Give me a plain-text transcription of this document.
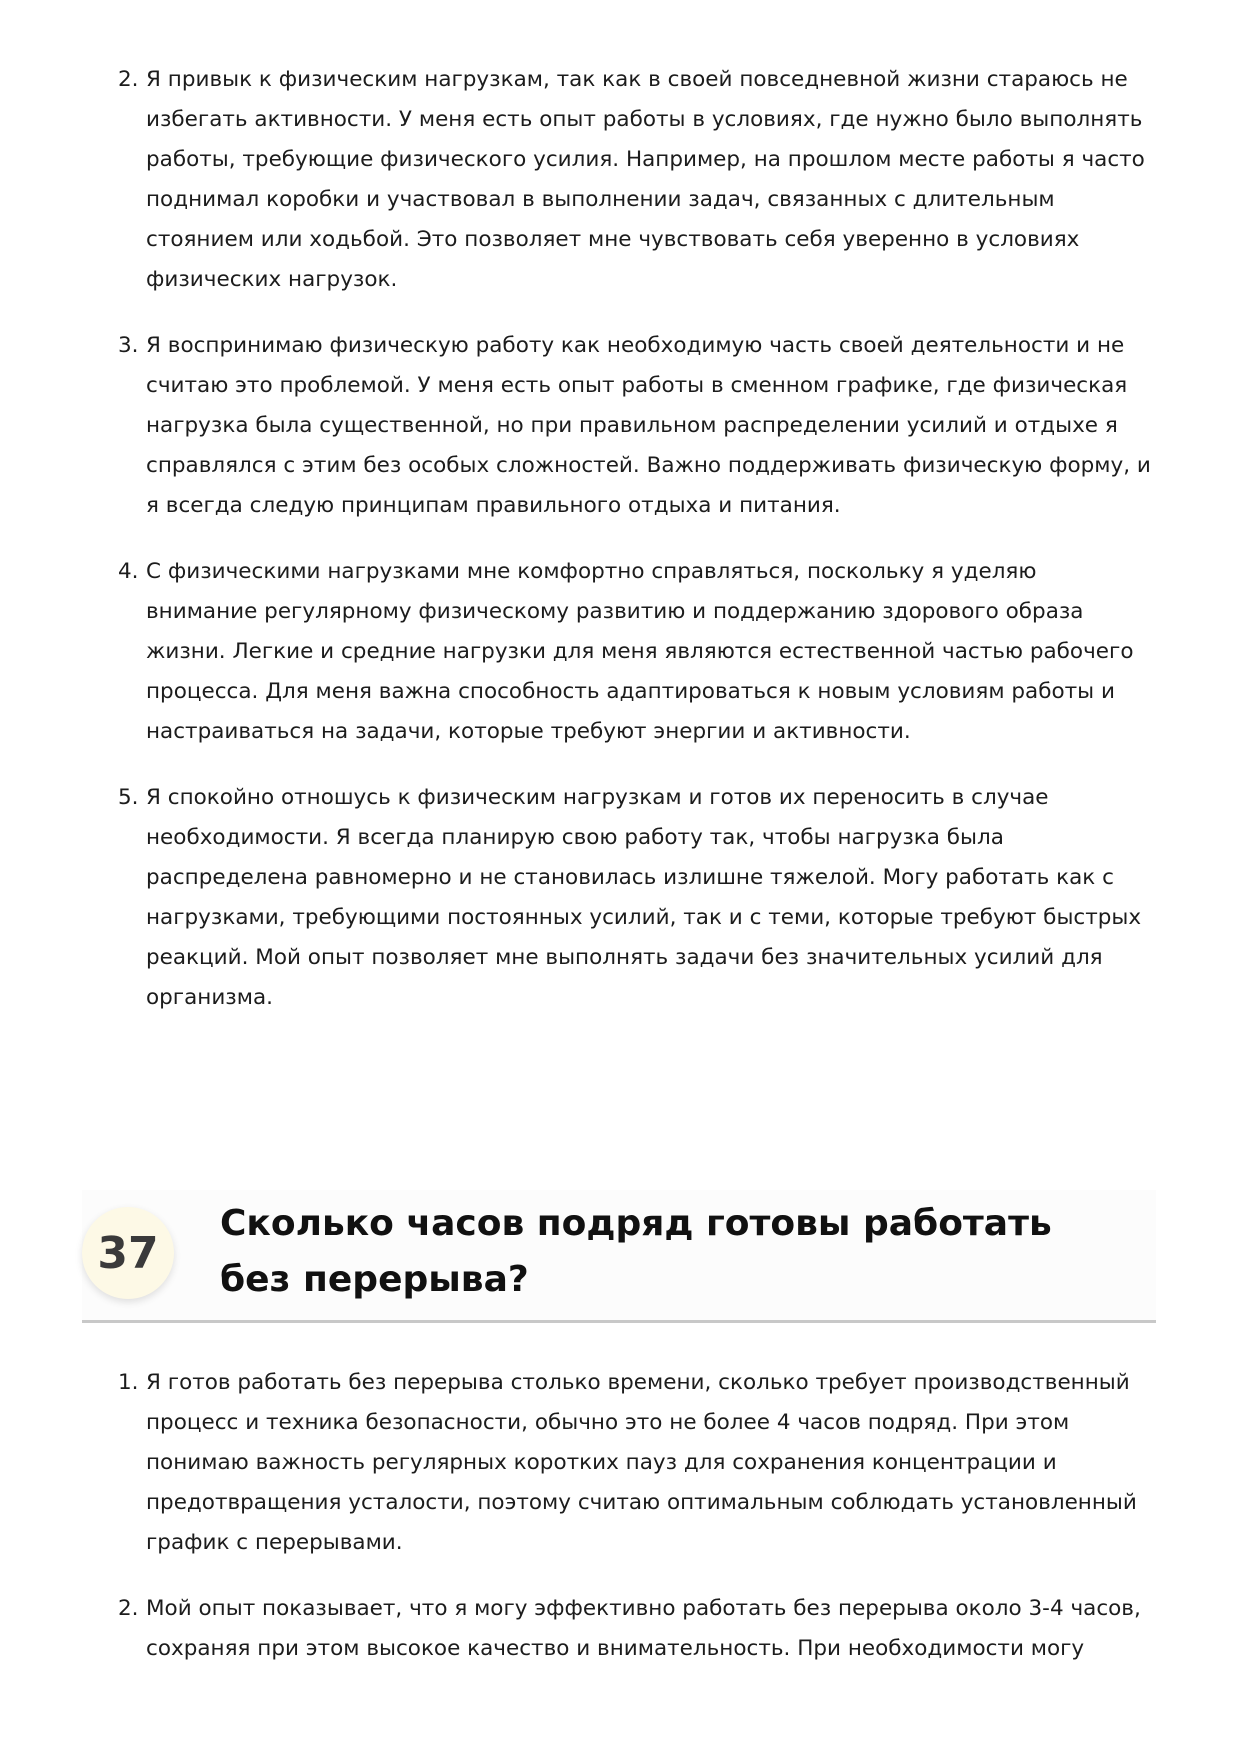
2. Я привык к физическим нагрузкам, так как в своей повседневной жизни стараюсь не избегать активности. У меня есть опыт работы в условиях, где нужно было выполнять работы, требующие физического усилия. Например, на прошлом месте работы я часто поднимал коробки и участвовал в выполнении задач, связанных с длительным стоянием или ходьбой. Это позволяет мне чувствовать себя уверенно в условиях физических нагрузок.
3. Я воспринимаю физическую работу как необходимую часть своей деятельности и не считаю это проблемой. У меня есть опыт работы в сменном графике, где физическая нагрузка была существенной, но при правильном распределении усилий и отдыхе я справлялся с этим без особых сложностей. Важно поддерживать физическую форму, и я всегда следую принципам правильного отдыха и питания.
4. С физическими нагрузками мне комфортно справляться, поскольку я уделяю внимание регулярному физическому развитию и поддержанию здорового образа жизни. Легкие и средние нагрузки для меня являются естественной частью рабочего процесса. Для меня важна способность адаптироваться к новым условиям работы и настраиваться на задачи, которые требуют энергии и активности.
5. Я спокойно отношусь к физическим нагрузкам и готов их переносить в случае необходимости. Я всегда планирую свою работу так, чтобы нагрузка была распределена равномерно и не становилась излишне тяжелой. Могу работать как с нагрузками, требующими постоянных усилий, так и с теми, которые требуют быстрых реакций. Мой опыт позволяет мне выполнять задачи без значительных усилий для организма.
37
Сколько часов подряд готовы работать без перерыва?
1. Я готов работать без перерыва столько времени, сколько требует производственный процесс и техника безопасности, обычно это не более 4 часов подряд. При этом понимаю важность регулярных коротких пауз для сохранения концентрации и предотвращения усталости, поэтому считаю оптимальным соблюдать установленный график с перерывами.
2. Мой опыт показывает, что я могу эффективно работать без перерыва около 3-4 часов, сохраняя при этом высокое качество и внимательность. При необходимости могу
